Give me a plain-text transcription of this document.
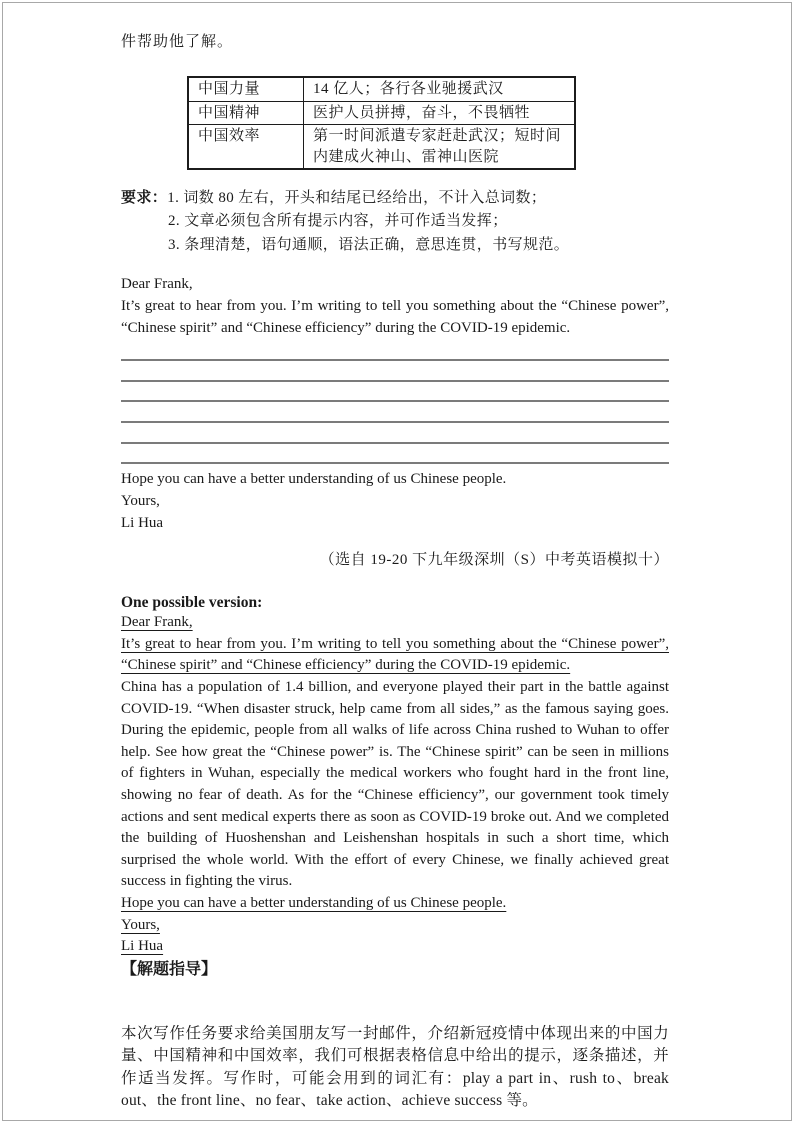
件帮助他了解。

中国力量	14 亿人；各行各业驰援武汉
中国精神	医护人员拼搏，奋斗，不畏牺牲
中国效率	第一时间派遣专家赶赴武汉；短时间内建成火神山、雷神山医院

要求：1. 词数 80 左右，开头和结尾已经给出，不计入总词数；

2. 文章必须包含所有提示内容，并可作适当发挥；

3. 条理清楚，语句通顺，语法正确，意思连贯，书写规范。

Dear Frank,

It’s great to hear from you. I’m writing to tell you something about the “Chinese power”, “Chinese spirit” and “Chinese efficiency” during the COVID-19 epidemic.

Hope you can have a better understanding of us Chinese people.

Yours,

Li Hua

（选自 19-20 下九年级深圳（S）中考英语模拟十）

One possible version:

Dear Frank,

It’s great to hear from you. I’m writing to tell you something about the “Chinese power”, “Chinese spirit” and “Chinese efficiency” during the COVID-19 epidemic.

China has a population of 1.4 billion, and everyone played their part in the battle against COVID-19. “When disaster struck, help came from all sides,” as the famous saying goes. During the epidemic, people from all walks of life across China rushed to Wuhan to offer help. See how great the “Chinese power” is. The “Chinese spirit” can be seen in millions of fighters in Wuhan, especially the medical workers who fought hard in the front line, showing no fear of death. As for the “Chinese efficiency”, our government took timely actions and sent medical experts there as soon as COVID-19 broke out. And we completed the building of Huoshenshan and Leishenshan hospitals in such a short time, which surprised the whole world. With the effort of every Chinese, we finally achieved great success in fighting the virus.

Hope you can have a better understanding of us Chinese people.

Yours,

Li Hua

【解题指导】

本次写作任务要求给美国朋友写一封邮件，介绍新冠疫情中体现出来的中国力量、中国精神和中国效率，我们可根据表格信息中给出的提示，逐条描述，并作适当发挥。写作时，可能会用到的词汇有：play a part in、rush to、break out、the front line、no fear、take action、achieve success 等。
